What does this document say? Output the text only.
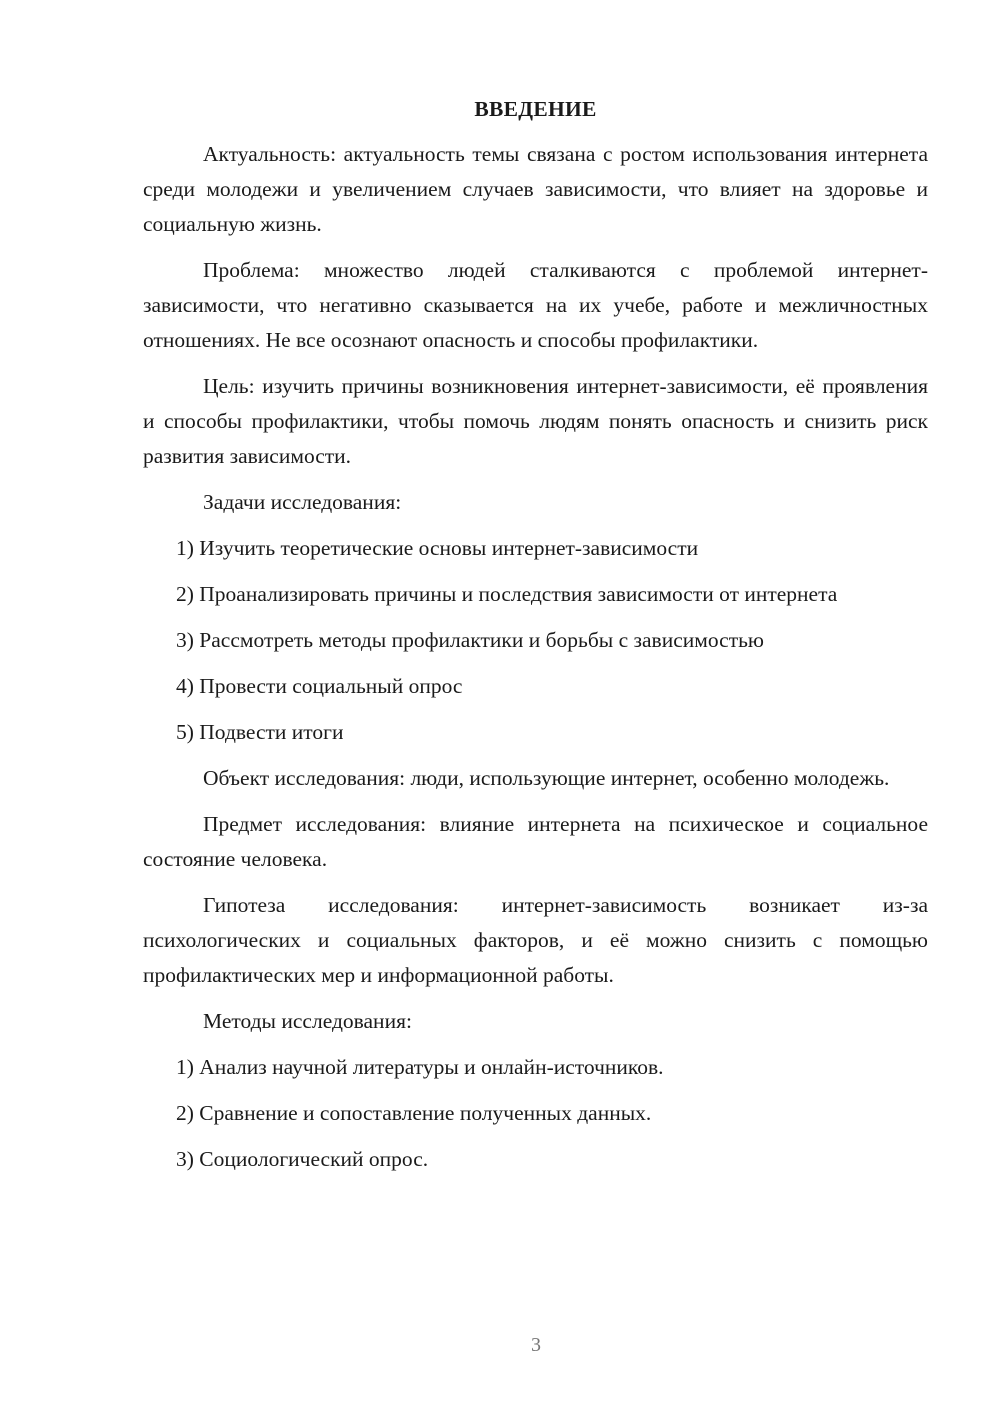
ВВЕДЕНИЕ

Актуальность: актуальность темы связана с ростом использования интернета среди молодежи и увеличением случаев зависимости, что влияет на здоровье и социальную жизнь.

Проблема: множество людей сталкиваются с проблемой интернет-зависимости, что негативно сказывается на их учебе, работе и межличностных отношениях. Не все осознают опасность и способы профилактики.

Цель: изучить причины возникновения интернет-зависимости, её проявления и способы профилактики, чтобы помочь людям понять опасность и снизить риск развития зависимости.

Задачи исследования:

1) Изучить теоретические основы интернет-зависимости

2) Проанализировать причины и последствия зависимости от интернета

3) Рассмотреть методы профилактики и борьбы с зависимостью

4) Провести социальный опрос

5) Подвести итоги

Объект исследования: люди, использующие интернет, особенно молодежь.

Предмет исследования: влияние интернета на психическое и социальное состояние человека.

Гипотеза исследования: интернет-зависимость возникает из-за психологических и социальных факторов, и её можно снизить с помощью профилактических мер и информационной работы.

Методы исследования:

1) Анализ научной литературы и онлайн-источников.

2) Сравнение и сопоставление полученных данных.

3) Социологический опрос.

3
